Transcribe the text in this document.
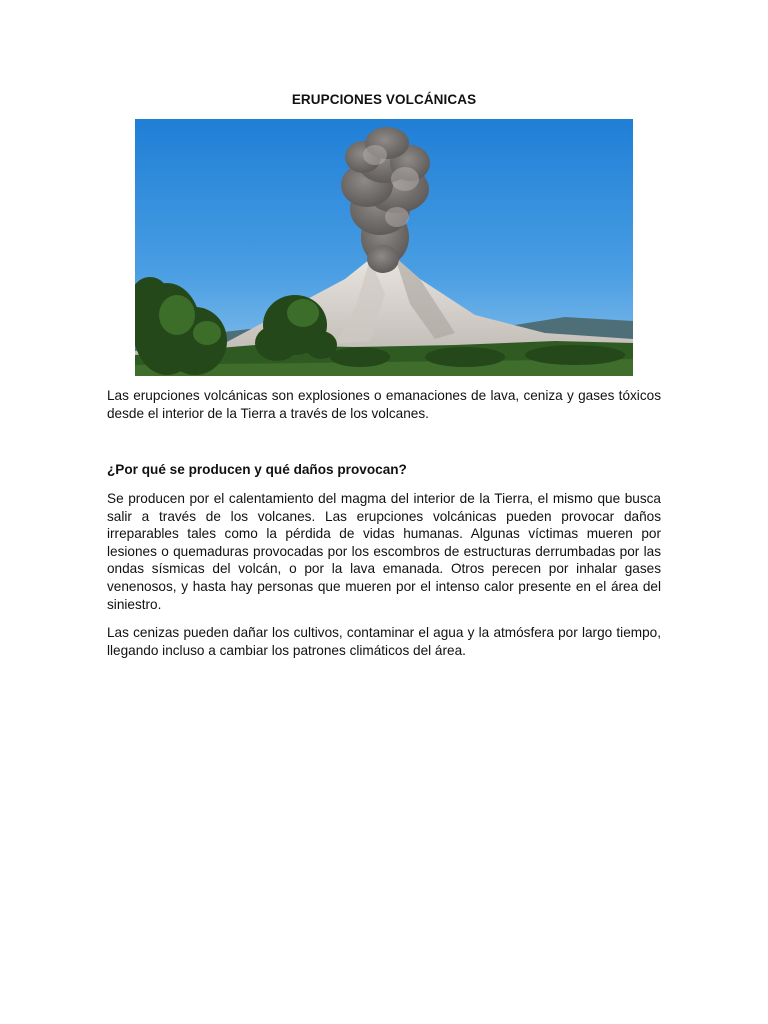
ERUPCIONES VOLCÁNICAS

Las erupciones volcánicas son explosiones o emanaciones de lava, ceniza y gases tóxicos desde el interior de la Tierra a través de los volcanes.

¿Por qué se producen y qué daños provocan?

Se producen por el calentamiento del magma del interior de la Tierra, el mismo que busca salir a través de los volcanes. Las erupciones volcánicas pueden provocar daños irreparables tales como la pérdida de vidas humanas. Algunas víctimas mueren por lesiones o quemaduras provocadas por los escombros de estructuras derrumbadas por las ondas sísmicas del volcán, o por la lava emanada. Otros perecen por inhalar gases venenosos, y hasta hay personas que mueren por el intenso calor presente en el área del siniestro.

Las cenizas pueden dañar los cultivos, contaminar el agua y la atmósfera por largo tiempo, llegando incluso a cambiar los patrones climáticos del área.
